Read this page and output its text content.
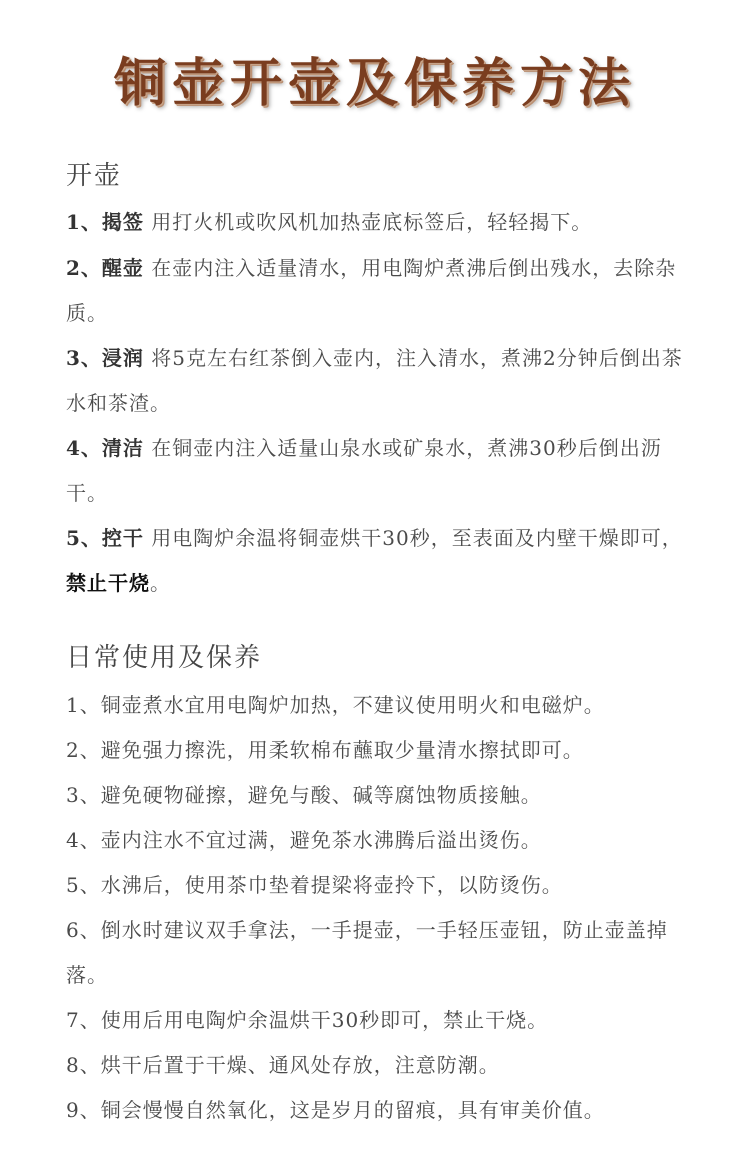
铜壶开壶及保养方法
开壶
1、揭签 用打火机或吹风机加热壶底标签后，轻轻揭下。
2、醒壶 在壶内注入适量清水，用电陶炉煮沸后倒出残水，去除杂质。
3、浸润 将5克左右红茶倒入壶内，注入清水，煮沸2分钟后倒出茶水和茶渣。
4、清洁 在铜壶内注入适量山泉水或矿泉水，煮沸30秒后倒出沥干。
5、控干 用电陶炉余温将铜壶烘干30秒，至表面及内壁干燥即可，禁止干烧。
日常使用及保养
1、铜壶煮水宜用电陶炉加热，不建议使用明火和电磁炉。
2、避免强力擦洗，用柔软棉布蘸取少量清水擦拭即可。
3、避免硬物碰擦，避免与酸、碱等腐蚀物质接触。
4、壶内注水不宜过满，避免茶水沸腾后溢出烫伤。
5、水沸后，使用茶巾垫着提梁将壶拎下，以防烫伤。
6、倒水时建议双手拿法，一手提壶，一手轻压壶钮，防止壶盖掉落。
7、使用后用电陶炉余温烘干30秒即可，禁止干烧。
8、烘干后置于干燥、通风处存放，注意防潮。
9、铜会慢慢自然氧化，这是岁月的留痕，具有审美价值。
